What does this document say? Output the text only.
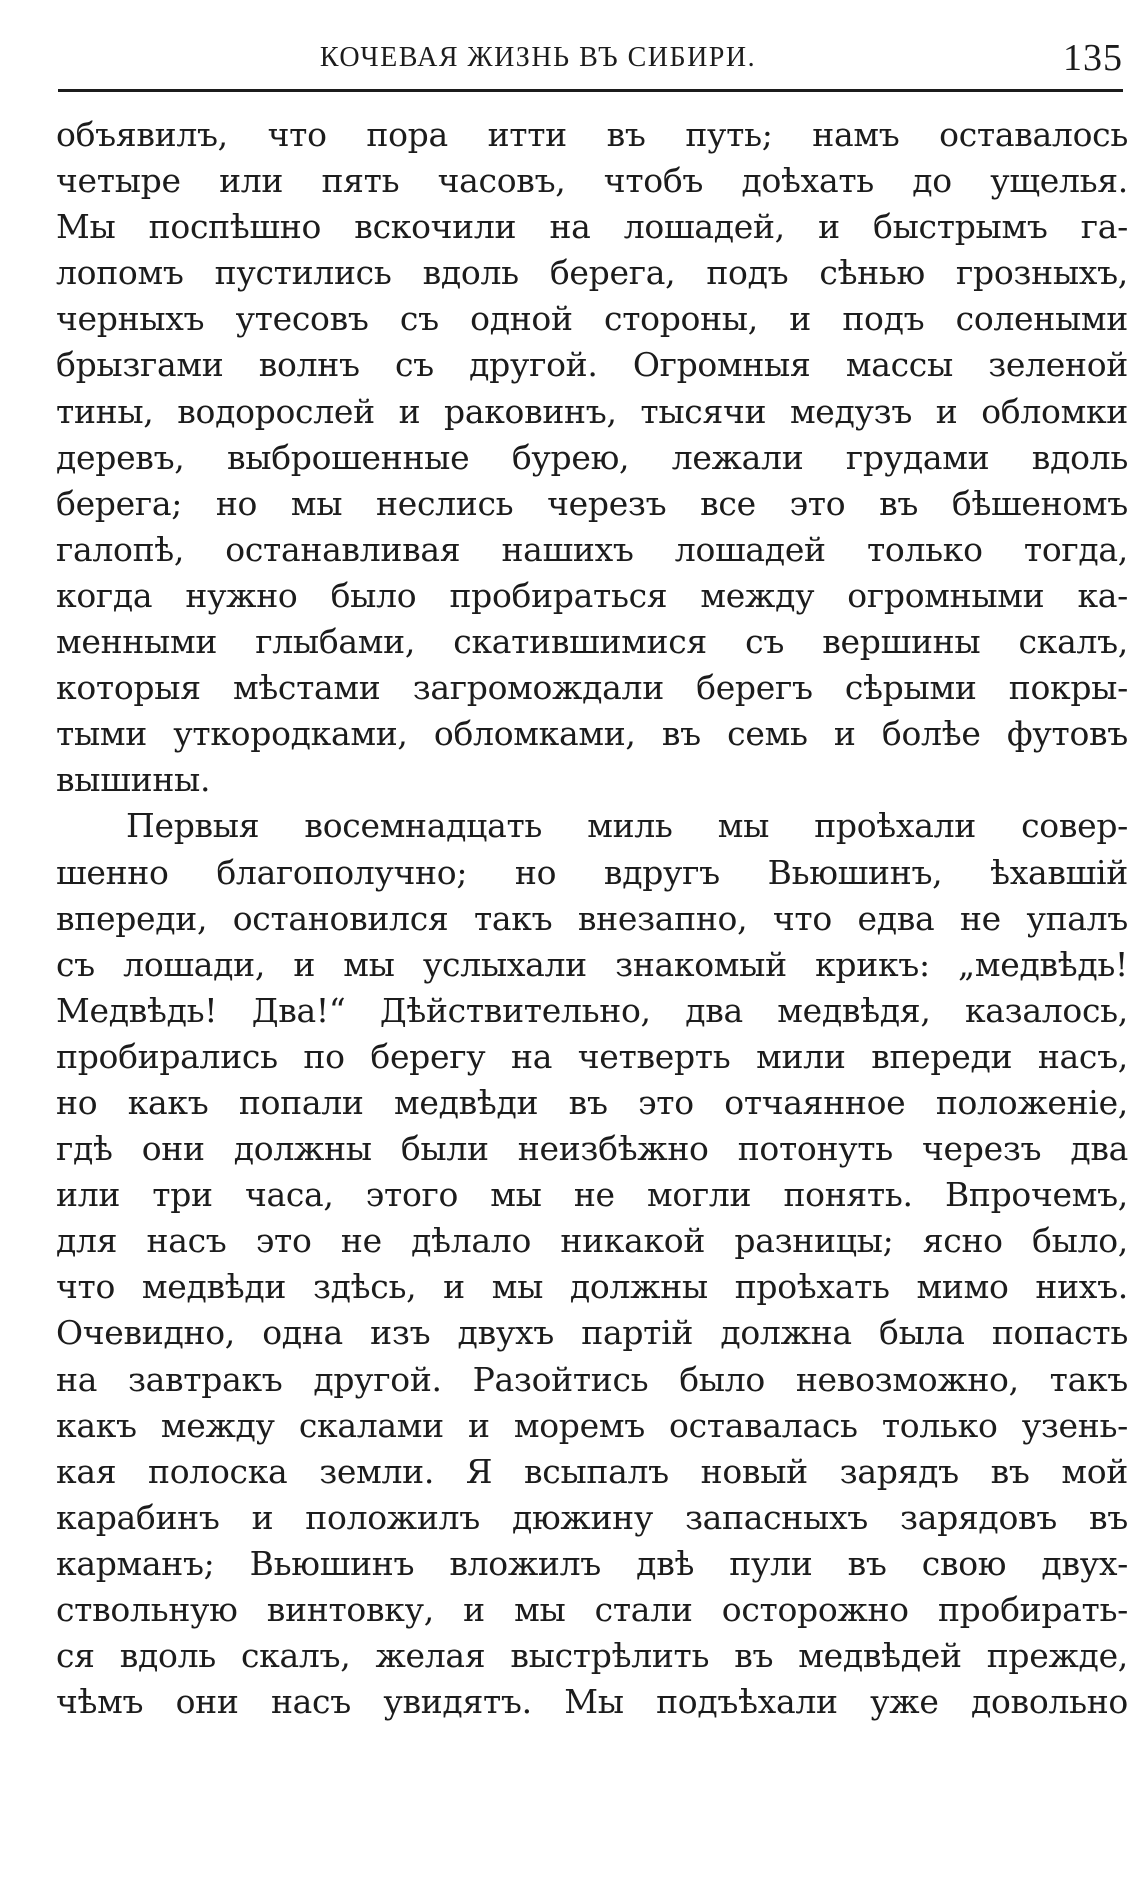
КОЧЕВАЯ ЖИЗНЬ ВЪ СИБИРИ.	135
объявилъ, что пора итти въ путь; намъ оставалось
четыре или пять часовъ, чтобъ доѣхать до ущелья.
Мы поспѣшно вскочили на лошадей, и быстрымъ га-
лопомъ пустились вдоль берега, подъ сѣнью грозныхъ,
черныхъ утесовъ съ одной стороны, и подъ солеными
брызгами волнъ съ другой. Огромныя массы зеленой
тины, водорослей и раковинъ, тысячи медузъ и обломки
деревъ, выброшенные бурею, лежали грудами вдоль
берега; но мы неслись черезъ все это въ бѣшеномъ
галопѣ, останавливая нашихъ лошадей только тогда,
когда нужно было пробираться между огромными ка-
менными глыбами, скатившимися съ вершины скалъ,
которыя мѣстами загромождали берегъ сѣрыми покры-
тыми уткородками, обломками, въ семь и болѣе футовъ
вышины.
Первыя восемнадцать миль мы проѣхали совер-
шенно благополучно; но вдругъ Вьюшинъ, ѣхавшій
впереди, остановился такъ внезапно, что едва не упалъ
съ лошади, и мы услыхали знакомый крикъ: „медвѣдь!
Медвѣдь! Два!“ Дѣйствительно, два медвѣдя, казалось,
пробирались по берегу на четверть мили впереди насъ,
но какъ попали медвѣди въ это отчаянное положеніе,
гдѣ они должны были неизбѣжно потонуть черезъ два
или три часа, этого мы не могли понять. Впрочемъ,
для насъ это не дѣлало никакой разницы; ясно было,
что медвѣди здѣсь, и мы должны проѣхать мимо нихъ.
Очевидно, одна изъ двухъ партій должна была попасть
на завтракъ другой. Разойтись было невозможно, такъ
какъ между скалами и моремъ оставалась только узень-
кая полоска земли. Я всыпалъ новый зарядъ въ мой
карабинъ и положилъ дюжину запасныхъ зарядовъ въ
карманъ; Вьюшинъ вложилъ двѣ пули въ свою двух-
ствольную винтовку, и мы стали осторожно пробирать-
ся вдоль скалъ, желая выстрѣлить въ медвѣдей прежде,
чѣмъ они насъ увидятъ. Мы подъѣхали уже довольно
